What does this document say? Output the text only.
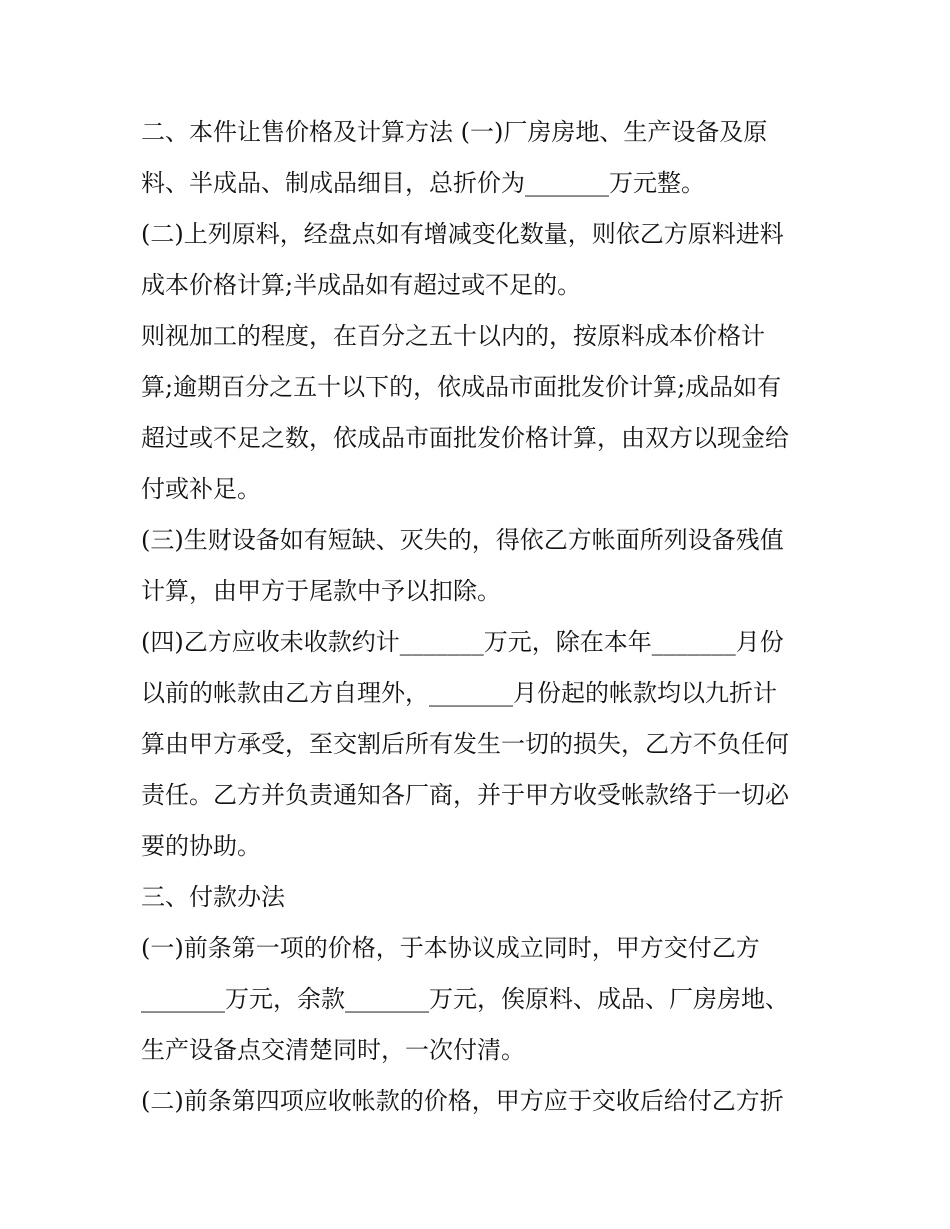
二、本件让售价格及计算方法 (一)厂房房地、生产设备及原
料、半成品、制成品细目，总折价为_______万元整。
(二)上列原料，经盘点如有增减变化数量，则依乙方原料进料
成本价格计算;半成品如有超过或不足的。
则视加工的程度，在百分之五十以内的，按原料成本价格计
算;逾期百分之五十以下的，依成品市面批发价计算;成品如有
超过或不足之数，依成品市面批发价格计算，由双方以现金给
付或补足。
(三)生财设备如有短缺、灭失的，得依乙方帐面所列设备残值
计算，由甲方于尾款中予以扣除。
(四)乙方应收未收款约计_______万元，除在本年_______月份
以前的帐款由乙方自理外，_______月份起的帐款均以九折计
算由甲方承受，至交割后所有发生一切的损失，乙方不负任何
责任。乙方并负责通知各厂商，并于甲方收受帐款络于一切必
要的协助。
三、付款办法
(一)前条第一项的价格，于本协议成立同时，甲方交付乙方
_______万元，余款_______万元，俟原料、成品、厂房房地、
生产设备点交清楚同时，一次付清。
(二)前条第四项应收帐款的价格，甲方应于交收后给付乙方折
